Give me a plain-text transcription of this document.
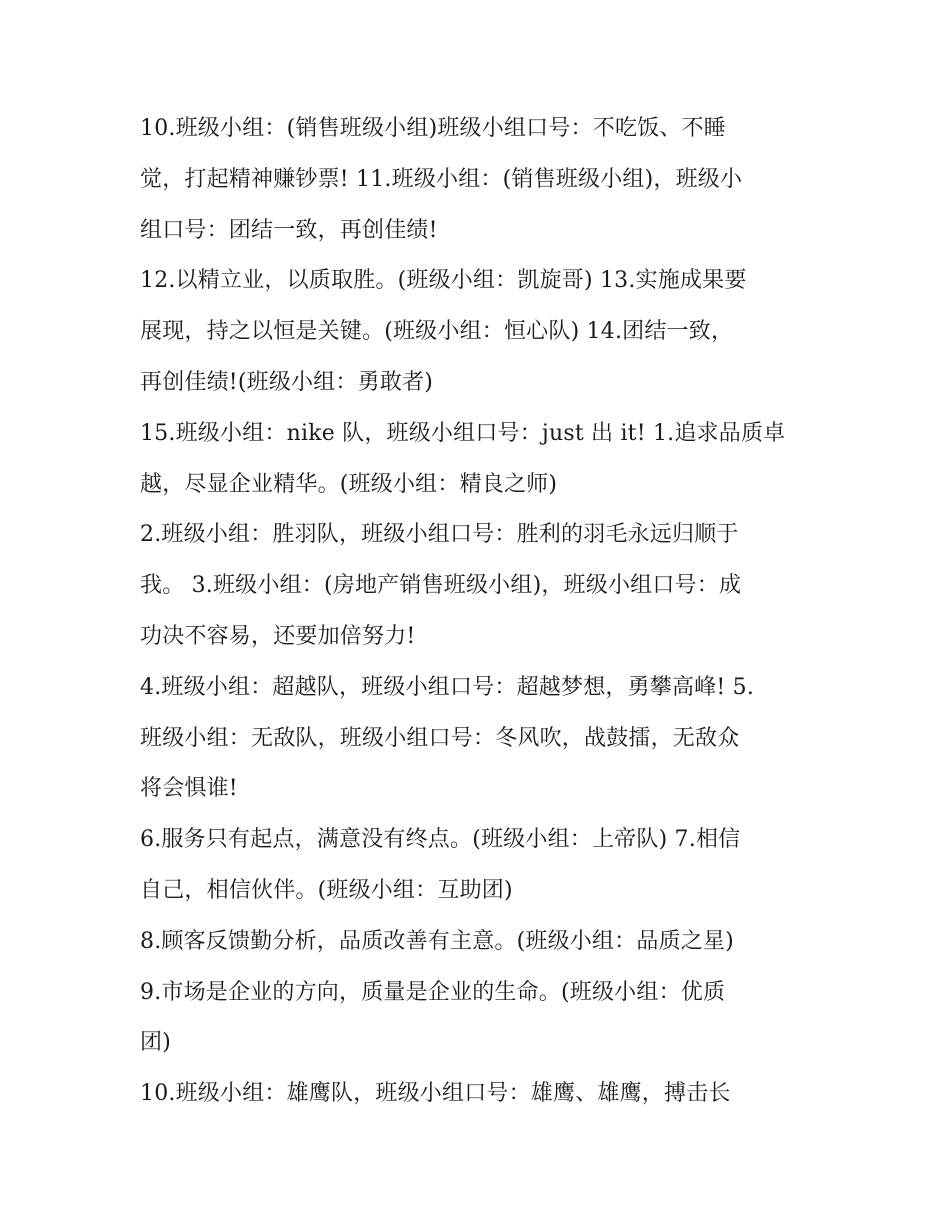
10.班级小组：(销售班级小组)班级小组口号：不吃饭、不睡
觉，打起精神赚钞票! 11.班级小组：(销售班级小组)，班级小
组口号：团结一致，再创佳绩!
12.以精立业，以质取胜。(班级小组：凯旋哥) 13.实施成果要
展现，持之以恒是关键。(班级小组：恒心队) 14.团结一致，
再创佳绩!(班级小组：勇敢者)
15.班级小组：nike 队，班级小组口号：just 出 it! 1.追求品质卓
越，尽显企业精华。(班级小组：精良之师)
2.班级小组：胜羽队，班级小组口号：胜利的羽毛永远归顺于
我。 3.班级小组：(房地产销售班级小组)，班级小组口号：成
功决不容易，还要加倍努力!
4.班级小组：超越队，班级小组口号：超越梦想，勇攀高峰! 5.
班级小组：无敌队，班级小组口号：冬风吹，战鼓擂，无敌众
将会惧谁!
6.服务只有起点，满意没有终点。(班级小组：上帝队) 7.相信
自己，相信伙伴。(班级小组：互助团)
8.顾客反馈勤分析，品质改善有主意。(班级小组：品质之星)
9.市场是企业的方向，质量是企业的生命。(班级小组：优质
团)
10.班级小组：雄鹰队，班级小组口号：雄鹰、雄鹰，搏击长
